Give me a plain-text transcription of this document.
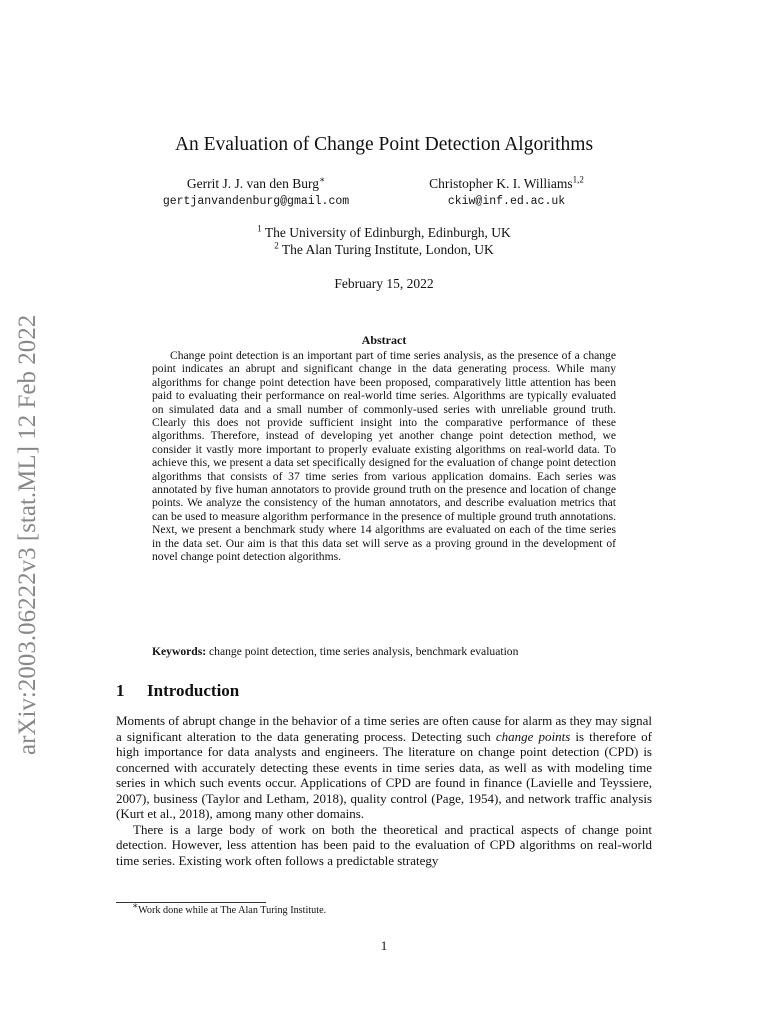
arXiv:2003.06222v3 [stat.ML] 12 Feb 2022
An Evaluation of Change Point Detection Algorithms
Gerrit J. J. van den Burg∗
gertjanvandenburg@gmail.com
Christopher K. I. Williams$^{1,2}$
ckiw@inf.ed.ac.uk
$^1$ The University of Edinburgh, Edinburgh, UK
$^2$ The Alan Turing Institute, London, UK
February 15, 2022
Abstract

Change point detection is an important part of time series analysis, as the presence of a change point indicates an abrupt and significant change in the data generating process. While many algorithms for change point detection have been proposed, comparatively little attention has been paid to evaluating their performance on real-world time series. Algorithms are typically evaluated on simulated data and a small number of commonly-used series with unreliable ground truth. Clearly this does not provide sufficient insight into the comparative performance of these algorithms. Therefore, instead of developing yet another change point detection method, we consider it vastly more important to properly evaluate existing algorithms on real-world data. To achieve this, we present a data set specifically designed for the evaluation of change point detection algorithms that consists of 37 time series from various application domains. Each series was annotated by five human annotators to provide ground truth on the presence and location of change points. We analyze the consistency of the human annotators, and describe evaluation metrics that can be used to measure algorithm performance in the presence of multiple ground truth annotations. Next, we present a benchmark study where 14 algorithms are evaluated on each of the time series in the data set. Our aim is that this data set will serve as a proving ground in the development of novel change point detection algorithms.

Keywords: change point detection, time series analysis, benchmark evaluation
1 Introduction

Moments of abrupt change in the behavior of a time series are often cause for alarm as they may signal a significant alteration to the data generating process. Detecting such change points is therefore of high importance for data analysts and engineers. The literature on change point detection (CPD) is concerned with accurately detecting these events in time series data, as well as with modeling time series in which such events occur. Applications of CPD are found in finance (Lavielle and Teyssiere, 2007), business (Taylor and Letham, 2018), quality control (Page, 1954), and network traffic analysis (Kurt et al., 2018), among many other domains.

There is a large body of work on both the theoretical and practical aspects of change point detection. However, less attention has been paid to the evaluation of CPD algorithms on real-world time series. Existing work often follows a predictable strategy

∗Work done while at The Alan Turing Institute.
1
